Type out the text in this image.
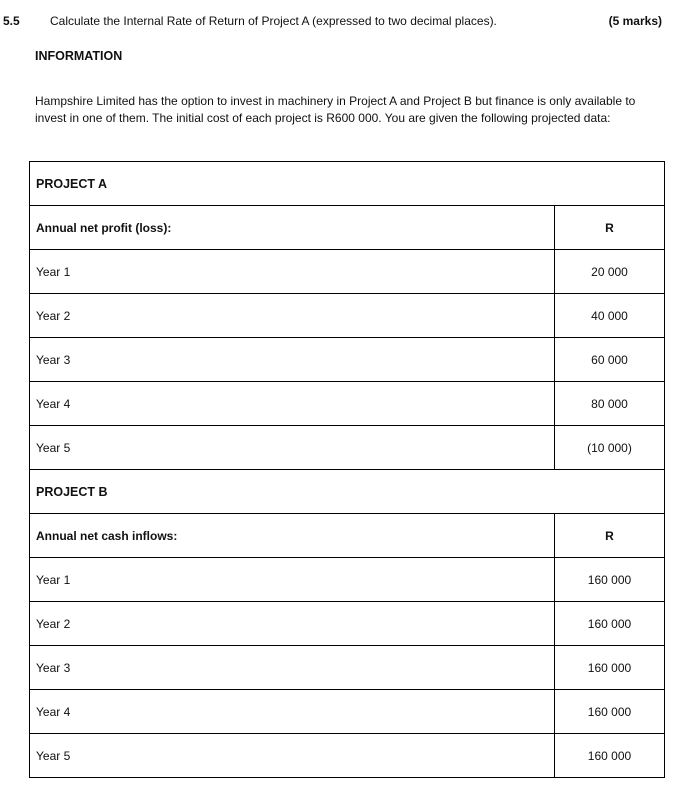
5.5	Calculate the Internal Rate of Return of Project A (expressed to two decimal places).	(5 marks)
INFORMATION
Hampshire Limited has the option to invest in machinery in Project A and Project B but finance is only available to invest in one of them. The initial cost of each project is R600 000. You are given the following projected data:
PROJECT A	
Annual net profit (loss):	R
Year 1	20 000
Year 2	40 000
Year 3	60 000
Year 4	80 000
Year 5	(10 000)
PROJECT B	
Annual net cash inflows:	R
Year 1	160 000
Year 2	160 000
Year 3	160 000
Year 4	160 000
Year 5	160 000
